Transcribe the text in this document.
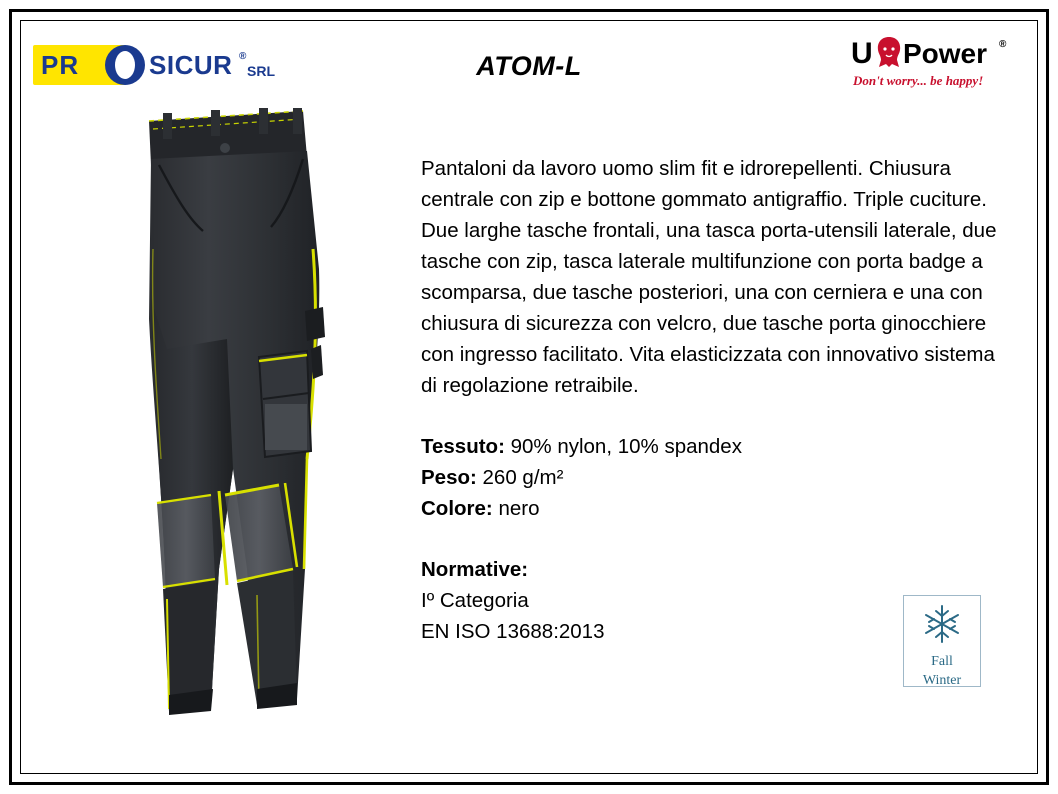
PR	SICUR ®
SRL	ATOM-L	U Power ®
Don't worry... be happy!
Pantaloni da lavoro uomo slim fit e idrorepellenti. Chiusura centrale con zip e bottone gommato antigraffio. Triple cuciture. Due larghe tasche frontali, una tasca porta-utensili laterale, due tasche con zip, tasca laterale multifunzione con porta badge a scomparsa, due tasche posteriori, una con cerniera e una con chiusura di sicurezza con velcro, due tasche porta ginocchiere con ingresso facilitato. Vita elasticizzata con innovativo sistema di regolazione retraibile.
Tessuto: 90% nylon, 10% spandex
Peso: 260 g/m²
Colore: nero
Normative:
Iº Categoria
EN ISO 13688:2013
Fall
Winter
